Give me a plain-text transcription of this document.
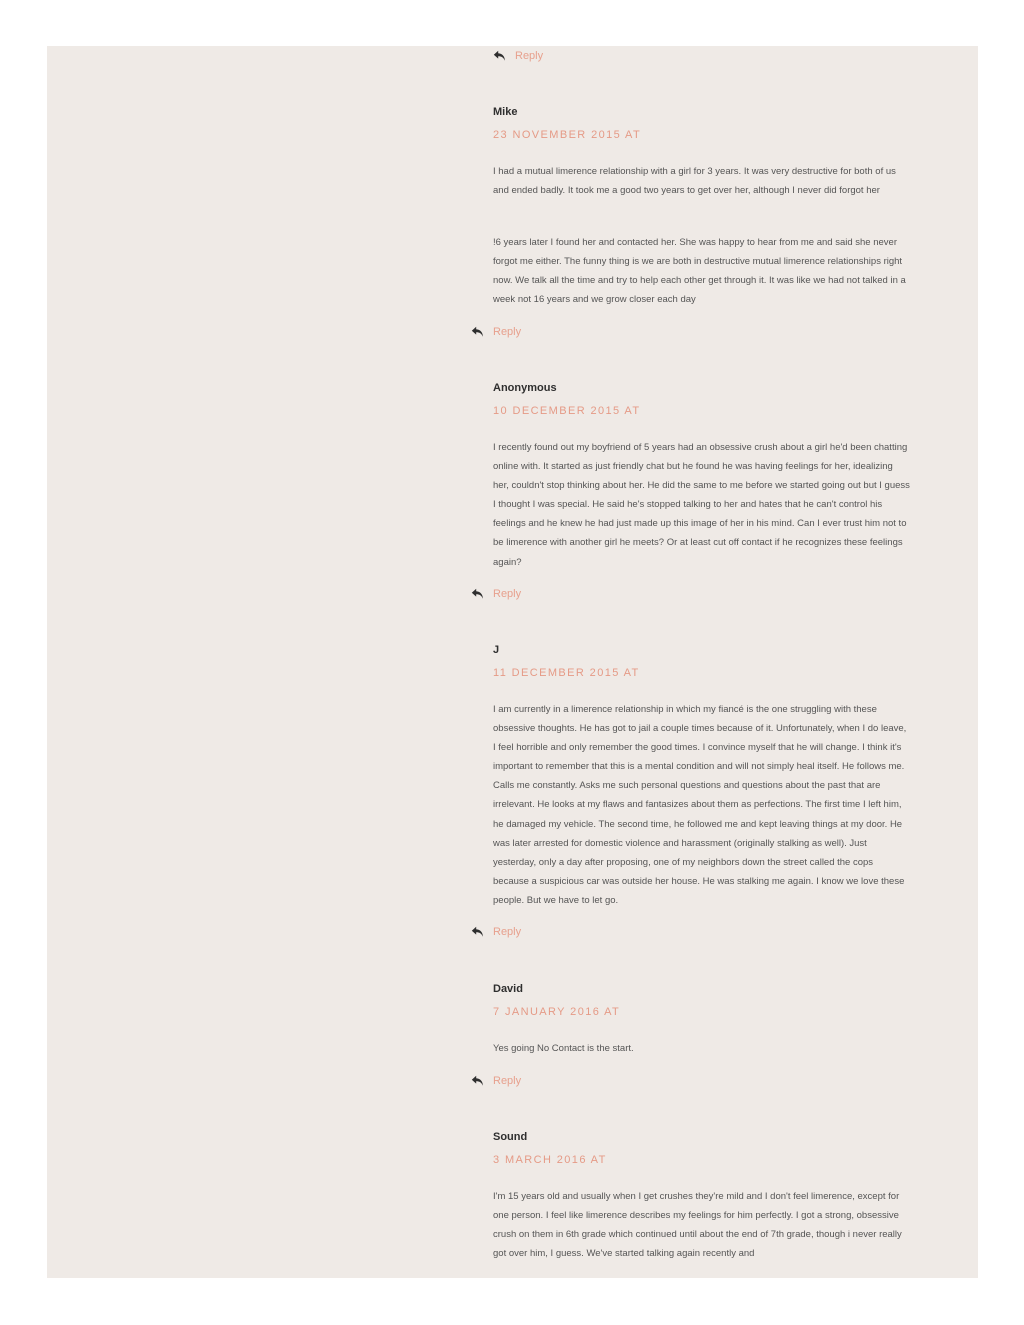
Reply
Mike
23 NOVEMBER 2015 AT

I had a mutual limerence relationship with a girl for 3 years. It was very destructive for both of us and ended badly. It took me a good two years to get over her, although I never did forgot her

!6 years later I found her and contacted her. She was happy to hear from me and said she never forgot me either. The funny thing is we are both in destructive mutual limerence relationships right now. We talk all the time and try to help each other get through it. It was like we had not talked in a week not 16 years and we grow closer each day

Reply
Anonymous
10 DECEMBER 2015 AT

I recently found out my boyfriend of 5 years had an obsessive crush about a girl he'd been chatting online with. It started as just friendly chat but he found he was having feelings for her, idealizing her, couldn't stop thinking about her. He did the same to me before we started going out but I guess I thought I was special. He said he's stopped talking to her and hates that he can't control his feelings and he knew he had just made up this image of her in his mind. Can I ever trust him not to be limerence with another girl he meets? Or at least cut off contact if he recognizes these feelings again?

Reply
J
11 DECEMBER 2015 AT

I am currently in a limerence relationship in which my fiancé is the one struggling with these obsessive thoughts. He has got to jail a couple times because of it. Unfortunately, when I do leave, I feel horrible and only remember the good times. I convince myself that he will change. I think it's important to remember that this is a mental condition and will not simply heal itself. He follows me. Calls me constantly. Asks me such personal questions and questions about the past that are irrelevant. He looks at my flaws and fantasizes about them as perfections. The first time I left him, he damaged my vehicle. The second time, he followed me and kept leaving things at my door. He was later arrested for domestic violence and harassment (originally stalking as well). Just yesterday, only a day after proposing, one of my neighbors down the street called the cops because a suspicious car was outside her house. He was stalking me again. I know we love these people. But we have to let go.

Reply
David
7 JANUARY 2016 AT

Yes going No Contact is the start.

Reply
Sound
3 MARCH 2016 AT

I'm 15 years old and usually when I get crushes they're mild and I don't feel limerence, except for one person. I feel like limerence describes my feelings for him perfectly. I got a strong, obsessive crush on them in 6th grade which continued until about the end of 7th grade, though i never really got over him, I guess. We've started talking again recently and
